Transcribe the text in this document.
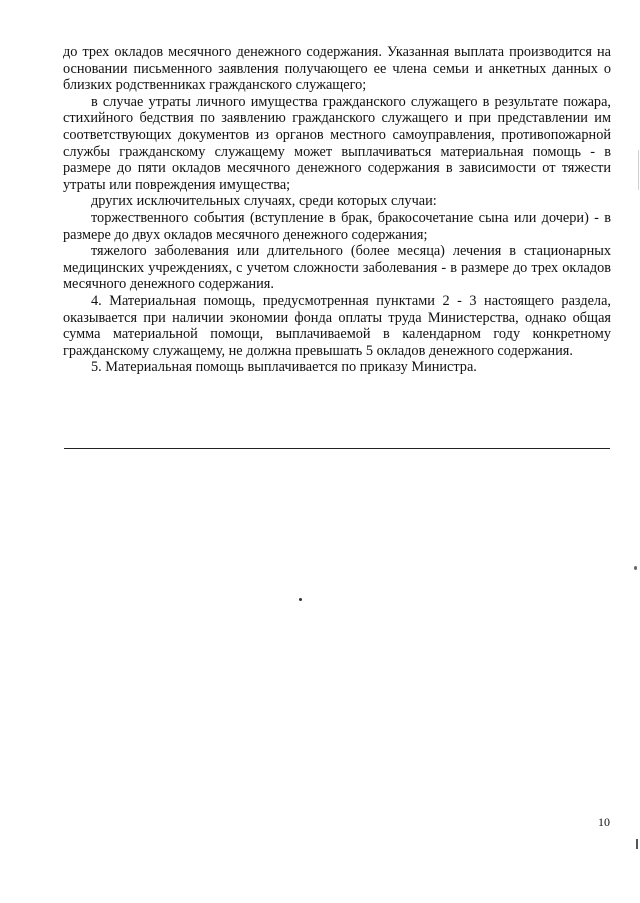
до трех окладов месячного денежного содержания. Указанная выплата производится на основании письменного заявления получающего ее члена семьи и анкетных данных о близких родственниках гражданского служащего;

в случае утраты личного имущества гражданского служащего в результате пожара, стихийного бедствия по заявлению гражданского служащего и при представлении им соответствующих документов из органов местного самоуправления, противопожарной службы гражданскому служащему может выплачиваться материальная помощь - в размере до пяти окладов месячного денежного содержания в зависимости от тяжести утраты или повреждения имущества;

других исключительных случаях, среди которых случаи:

торжественного события (вступление в брак, бракосочетание сына или дочери) - в размере до двух окладов месячного денежного содержания;

тяжелого заболевания или длительного (более месяца) лечения в стационарных медицинских учреждениях, с учетом сложности заболевания - в размере до трех окладов месячного денежного содержания.

4. Материальная помощь, предусмотренная пунктами 2 - 3 настоящего раздела, оказывается при наличии экономии фонда оплаты труда Министерства, однако общая сумма материальной помощи, выплачиваемой в календарном году конкретному гражданскому служащему, не должна превышать 5 окладов денежного содержания.

5. Материальная помощь выплачивается по приказу Министра.

10
